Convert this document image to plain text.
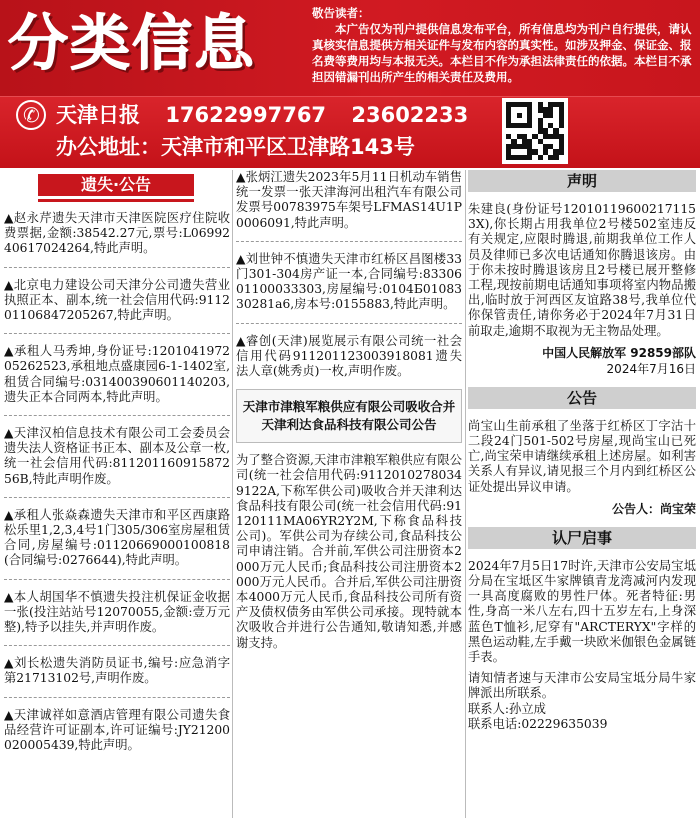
分类信息	敬告读者：
本广告仅为刊户提供信息发布平台，所有信息均为刊户自行提供，请认真核实信息提供方相关证件与发布内容的真实性。如涉及押金、保证金、报名费等费用均与本报无关。本栏目不作为承担法律责任的依据。本栏目不承担因错漏刊出所产生的相关责任及费用。
✆
天津日报 17622997767 23602233
办公地址：天津市和平区卫津路143号
遗失·公告

▲赵永芹遗失天津市天津医院医疗住院收费票据,金额:38542.27元,票号:L0699240617024264,特此声明。

▲北京电力建设公司天津分公司遗失营业执照正本、副本,统一社会信用代码:911201106847205267,特此声明。

▲承租人马秀坤,身份证号:120104197205262523,承租地点盛康园6-1-1402室,租赁合同编号:031400390601140203,遗失正本合同两本,特此声明。

▲天津汉柏信息技术有限公司工会委员会遗失法人资格证书正本、副本及公章一枚,统一社会信用代码:81120116091587256B,特此声明作废。

▲承租人张焱森遗失天津市和平区西康路松乐里1,2,3,4号1门305/306室房屋租赁合同,房屋编号:01120669000100818(合同编号:0276644),特此声明。

▲本人胡国华不慎遗失投注机保证金收据一张(投注站站号12070055,金额:壹万元整),特予以挂失,并声明作废。

▲刘长松遗失消防员证书,编号:应急消字第21713102号,声明作废。

▲天津诚祥如意酒店管理有限公司遗失食品经营许可证副本,许可证编号:JY21200020005439,特此声明。

▲张炳江遗失2023年5月11日机动车销售统一发票一张天津海河出租汽车有限公司发票号00783975车架号LFMAS14U1P0006091,特此声明。

▲刘世钟不慎遗失天津市红桥区昌图楼33门301-304房产证一本,合同编号:8330601100033303,房屋编号:0104Б0108330281a6,房本号:0155883,特此声明。

▲睿创(天津)展览展示有限公司统一社会信用代码911201123003918081遗失法人章(姚秀贞)一枚,声明作废。

天津市津粮军粮供应有限公司吸收合并
天津利达食品科技有限公司公告

为了整合资源,天津市津粮军粮供应有限公司(统一社会信用代码:91120102780349122A,下称军供公司)吸收合并天津利达食品科技有限公司(统一社会信用代码:91120111MA06YR2Y2M,下称食品科技公司)。军供公司为存续公司,食品科技公司申请注销。合并前,军供公司注册资本2000万元人民币;食品科技公司注册资本2000万元人民币。合并后,军供公司注册资本4000万元人民币,食品科技公司所有资产及债权债务由军供公司承接。现特就本次吸收合并进行公告通知,敬请知悉,并感谢支持。

声明

朱建良(身份证号120101196002171153X),你长期占用我单位2号楼502室违反有关规定,应限时腾退,前期我单位工作人员及律师已多次电话通知你腾退该房。由于你未按时腾退该房且2号楼已展开整修工程,现按前期电话通知事项将室内物品搬出,临时放于河西区友谊路38号,我单位代你保管责任,请你务必于2024年7月31日前取走,逾期不取视为无主物品处理。

中国人民解放军 92859部队
2024年7月16日
公告

尚宝山生前承租了坐落于红桥区丁字沽十二段24门501-502号房屋,现尚宝山已死亡,尚宝荣申请继续承租上述房屋。如利害关系人有异议,请见报三个月内到红桥区公证处提出异议申请。

公告人：尚宝荣
认尸启事

2024年7月5日17时许,天津市公安局宝坻分局在宝坻区牛家牌镇青龙湾减河内发现一具高度腐败的男性尸体。死者特征:男性,身高一米八左右,四十五岁左右,上身深蓝色T恤衫,尼穿有"ARCTERYX"字样的黑色运动鞋,左手戴一块欧米伽银色金属链手表。

请知情者速与天津市公安局宝坻分局牛家牌派出所联系。

联系人:孙立成

联系电话:02229635039
